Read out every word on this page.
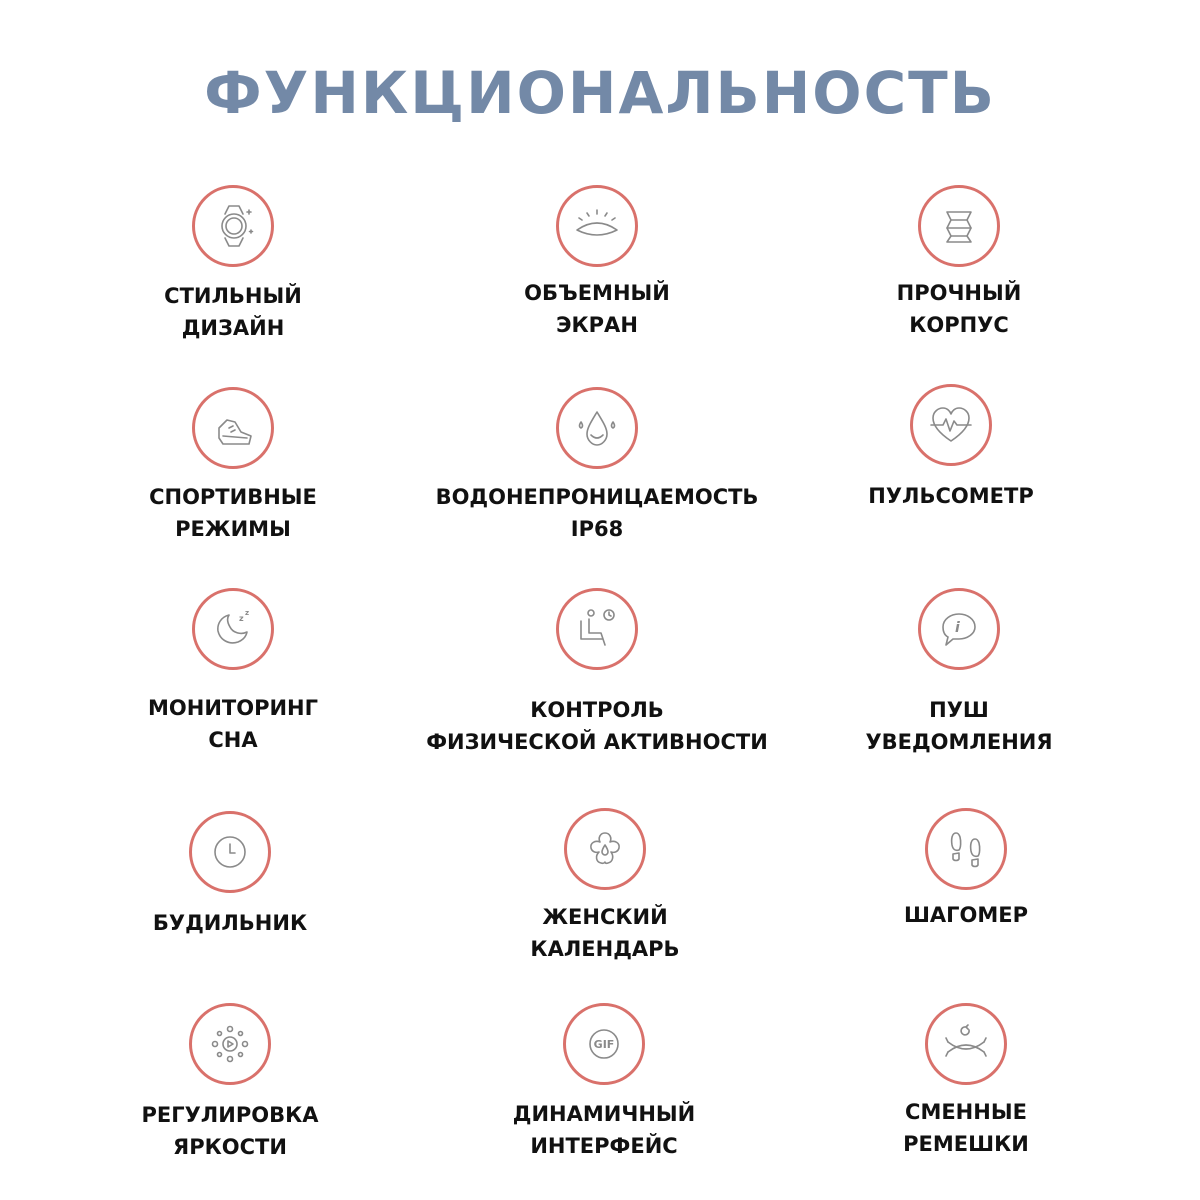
ФУНКЦИОНАЛЬНОСТЬ
СТИЛЬНЫЙ
ДИЗАЙН
ОБЪЕМНЫЙ
ЭКРАН
ПРОЧНЫЙ
КОРПУС
СПОРТИВНЫЕ
РЕЖИМЫ
ВОДОНЕПРОНИЦАЕМОСТЬ
IP68
ПУЛЬСОМЕТР
z
z
МОНИТОРИНГ
СНА
КОНТРОЛЬ
ФИЗИЧЕСКОЙ АКТИВНОСТИ
i
ПУШ
УВЕДОМЛЕНИЯ
БУДИЛЬНИК	ЖЕНСКИЙ
КАЛЕНДАРЬ
ШАГОМЕР
РЕГУЛИРОВКА
ЯРКОСТИ
GIF
ДИНАМИЧНЫЙ
ИНТЕРФЕЙС
СМЕННЫЕ
РЕМЕШКИ
